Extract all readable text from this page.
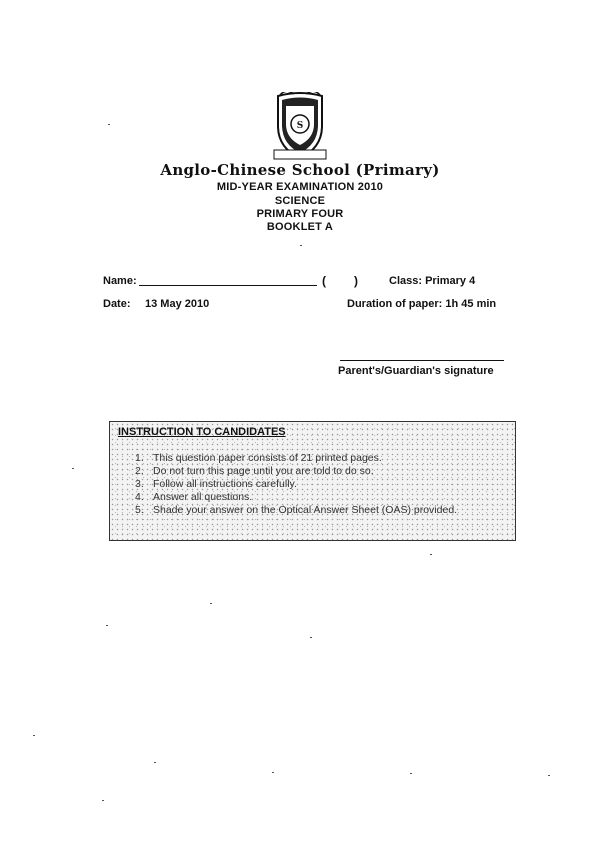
S
Anglo-Chinese School (Primary)
MID-YEAR EXAMINATION 2010
SCIENCE
PRIMARY FOUR
BOOKLET A
Name:	( )	Class: Primary 4
Date: 13 May 2010	Duration of paper: 1h 45 min
Parent's/Guardian's signature
INSTRUCTION TO CANDIDATES
1. This question paper consists of 21 printed pages.
2. Do not turn this page until you are told to do so.
3. Follow all instructions carefully.
4. Answer all questions.
5. Shade your answer on the Optical Answer Sheet (OAS) provided.
